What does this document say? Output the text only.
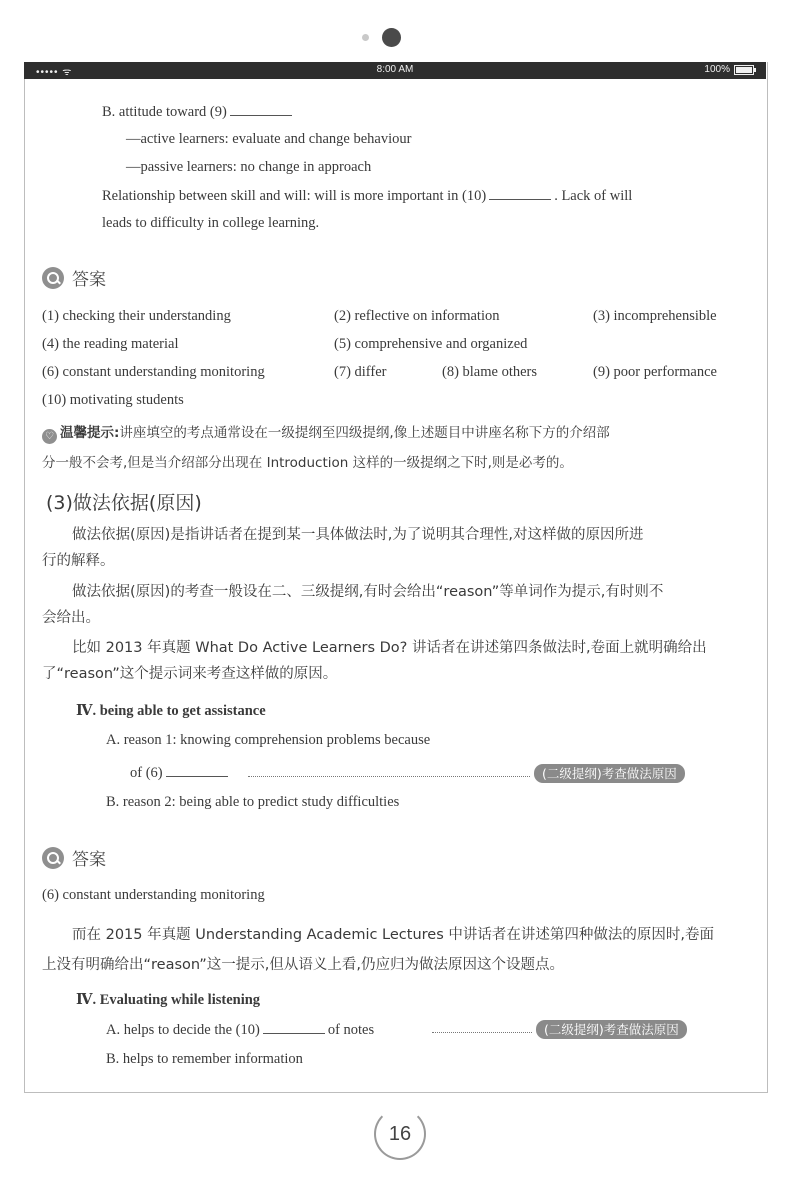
••••• ᯤ	8:00 AM	100%
B. attitude toward (9)
—active learners: evaluate and change behaviour
—passive learners: no change in approach
Relationship between skill and will: will is more important in (10)	. Lack of will
leads to difficulty in college learning.
答案
(1) checking their understanding	(2) reflective on information	(3) incomprehensible
(4) the reading material	(5) comprehensive and organized
(6) constant understanding monitoring	(7) differ	(8) blame others	(9) poor performance
(10) motivating students
♡ 温馨提示:讲座填空的考点通常设在一级提纲至四级提纲,像上述题目中讲座名称下方的介绍部
分一般不会考,但是当介绍部分出现在 Introduction 这样的一级提纲之下时,则是必考的。
(3)做法依据(原因)
做法依据(原因)是指讲话者在提到某一具体做法时,为了说明其合理性,对这样做的原因所进
行的解释。
做法依据(原因)的考查一般设在二、三级提纲,有时会给出“reason”等单词作为提示,有时则不
会给出。
比如 2013 年真题 What Do Active Learners Do? 讲话者在讲述第四条做法时,卷面上就明确给出
了“reason”这个提示词来考查这样做的原因。
Ⅳ. being able to get assistance
A. reason 1: knowing comprehension problems because
of (6)	(二级提纲)考查做法原因
B. reason 2: being able to predict study difficulties
答案
(6) constant understanding monitoring
而在 2015 年真题 Understanding Academic Lectures 中讲话者在讲述第四种做法的原因时,卷面
上没有明确给出“reason”这一提示,但从语义上看,仍应归为做法原因这个设题点。
Ⅳ. Evaluating while listening
A. helps to decide the (10)	of notes	(二级提纲)考查做法原因
B. helps to remember information
16
